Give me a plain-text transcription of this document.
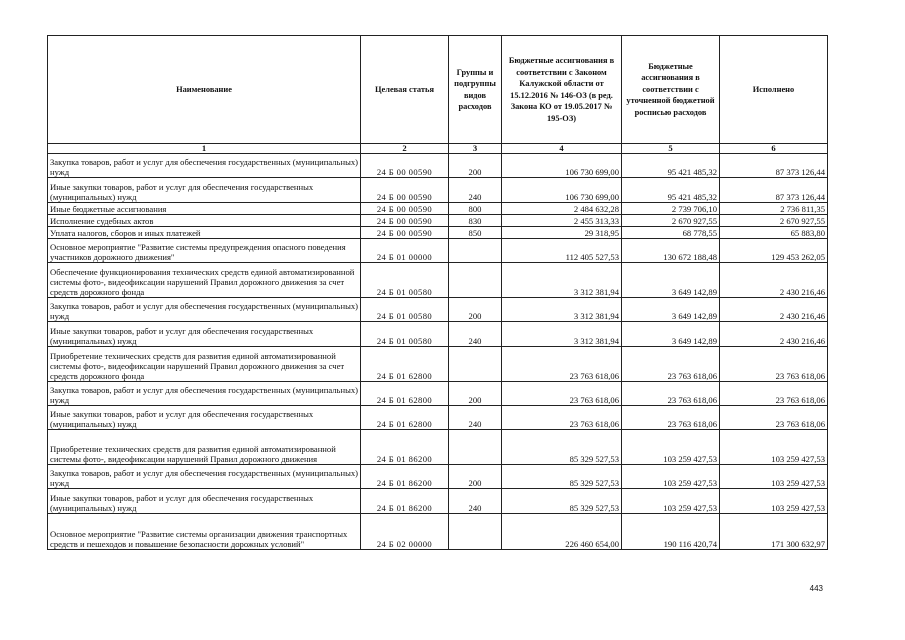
Наименование	Целевая статья	Группы и подгруппы видов расходов	Бюджетные ассигнования в соответствии с Законом Калужской области от 15.12.2016 № 146-ОЗ (в ред. Закона КО от 19.05.2017 № 195-ОЗ)	Бюджетные ассигнования в соответствии с уточненной бюджетной росписью расходов	Исполнено
1	2	3	4	5	6
Закупка товаров, работ и услуг для обеспечения государственных (муниципальных) нужд	24 Б 00 00590	200	106 730 699,00	95 421 485,32	87 373 126,44
Иные закупки товаров, работ и услуг для обеспечения государственных (муниципальных) нужд	24 Б 00 00590	240	106 730 699,00	95 421 485,32	87 373 126,44
Иные бюджетные ассигнования	24 Б 00 00590	800	2 484 632,28	2 739 706,10	2 736 811,35
Исполнение судебных актов	24 Б 00 00590	830	2 455 313,33	2 670 927,55	2 670 927,55
Уплата налогов, сборов и иных платежей	24 Б 00 00590	850	29 318,95	68 778,55	65 883,80
Основное мероприятие "Развитие системы предупреждения опасного поведения участников дорожного движения"	24 Б 01 00000		112 405 527,53	130 672 188,48	129 453 262,05
Обеспечение функционирования технических средств единой автоматизированной системы фото-, видеофиксации нарушений Правил дорожного движения за счет средств дорожного фонда	24 Б 01 00580		3 312 381,94	3 649 142,89	2 430 216,46
Закупка товаров, работ и услуг для обеспечения государственных (муниципальных) нужд	24 Б 01 00580	200	3 312 381,94	3 649 142,89	2 430 216,46
Иные закупки товаров, работ и услуг для обеспечения государственных (муниципальных) нужд	24 Б 01 00580	240	3 312 381,94	3 649 142,89	2 430 216,46
Приобретение технических средств для развития единой автоматизированной системы фото-, видеофиксации нарушений Правил дорожного движения за счет средств дорожного фонда	24 Б 01 62800		23 763 618,06	23 763 618,06	23 763 618,06
Закупка товаров, работ и услуг для обеспечения государственных (муниципальных) нужд	24 Б 01 62800	200	23 763 618,06	23 763 618,06	23 763 618,06
Иные закупки товаров, работ и услуг для обеспечения государственных (муниципальных) нужд	24 Б 01 62800	240	23 763 618,06	23 763 618,06	23 763 618,06
Приобретение технических средств для развития единой автоматизированной системы фото-, видеофиксации нарушений Правил дорожного движения	24 Б 01 86200		85 329 527,53	103 259 427,53	103 259 427,53
Закупка товаров, работ и услуг для обеспечения государственных (муниципальных) нужд	24 Б 01 86200	200	85 329 527,53	103 259 427,53	103 259 427,53
Иные закупки товаров, работ и услуг для обеспечения государственных (муниципальных) нужд	24 Б 01 86200	240	85 329 527,53	103 259 427,53	103 259 427,53
Основное мероприятие "Развитие системы организации движения транспортных средств и пешеходов и повышение безопасности дорожных условий"	24 Б 02 00000		226 460 654,00	190 116 420,74	171 300 632,97
443
